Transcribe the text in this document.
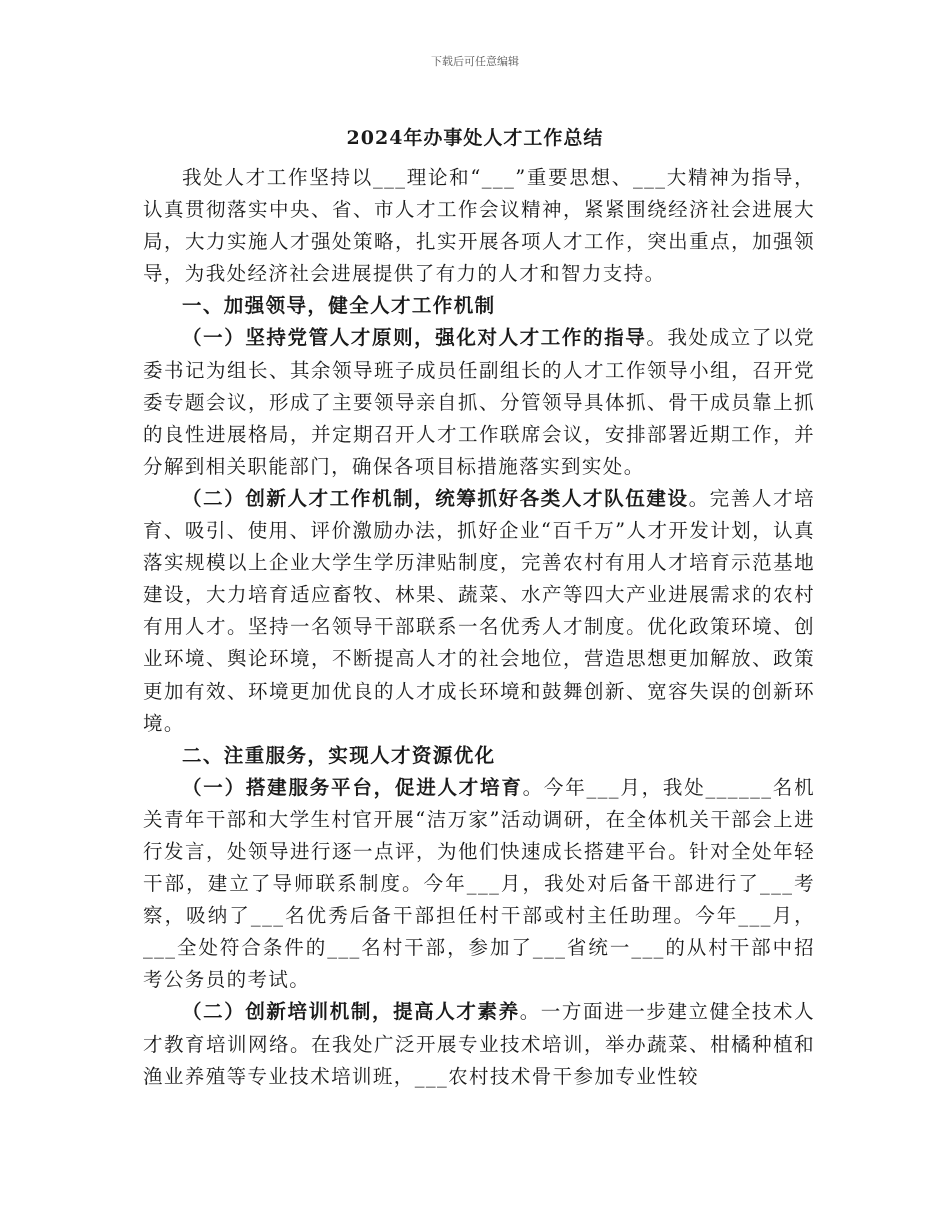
下载后可任意编辑
2024年办事处人才工作总结

我处人才工作坚持以___理论和“___”重要思想、___大精神为指导，认真贯彻落实中央、省、市人才工作会议精神，紧紧围绕经济社会进展大局，大力实施人才强处策略，扎实开展各项人才工作，突出重点，加强领导，为我处经济社会进展提供了有力的人才和智力支持。

一、加强领导，健全人才工作机制

（一）坚持党管人才原则，强化对人才工作的指导。我处成立了以党委书记为组长、其余领导班子成员任副组长的人才工作领导小组，召开党委专题会议，形成了主要领导亲自抓、分管领导具体抓、骨干成员靠上抓的良性进展格局，并定期召开人才工作联席会议，安排部署近期工作，并分解到相关职能部门，确保各项目标措施落实到实处。

（二）创新人才工作机制，统筹抓好各类人才队伍建设。完善人才培育、吸引、使用、评价激励办法，抓好企业“百千万”人才开发计划，认真落实规模以上企业大学生学历津贴制度，完善农村有用人才培育示范基地建设，大力培育适应畜牧、林果、蔬菜、水产等四大产业进展需求的农村有用人才。坚持一名领导干部联系一名优秀人才制度。优化政策环境、创业环境、舆论环境，不断提高人才的社会地位，营造思想更加解放、政策更加有效、环境更加优良的人才成长环境和鼓舞创新、宽容失误的创新环境。

二、注重服务，实现人才资源优化

（一）搭建服务平台，促进人才培育。今年___月，我处______名机关青年干部和大学生村官开展“洁万家”活动调研，在全体机关干部会上进行发言，处领导进行逐一点评，为他们快速成长搭建平台。针对全处年轻干部，建立了导师联系制度。今年___月，我处对后备干部进行了___考察，吸纳了___名优秀后备干部担任村干部或村主任助理。今年___月，___全处符合条件的___名村干部，参加了___省统一___的从村干部中招考公务员的考试。

（二）创新培训机制，提高人才素养。一方面进一步建立健全技术人才教育培训网络。在我处广泛开展专业技术培训，举办蔬菜、柑橘种植和渔业养殖等专业技术培训班，___农村技术骨干参加专业性较
